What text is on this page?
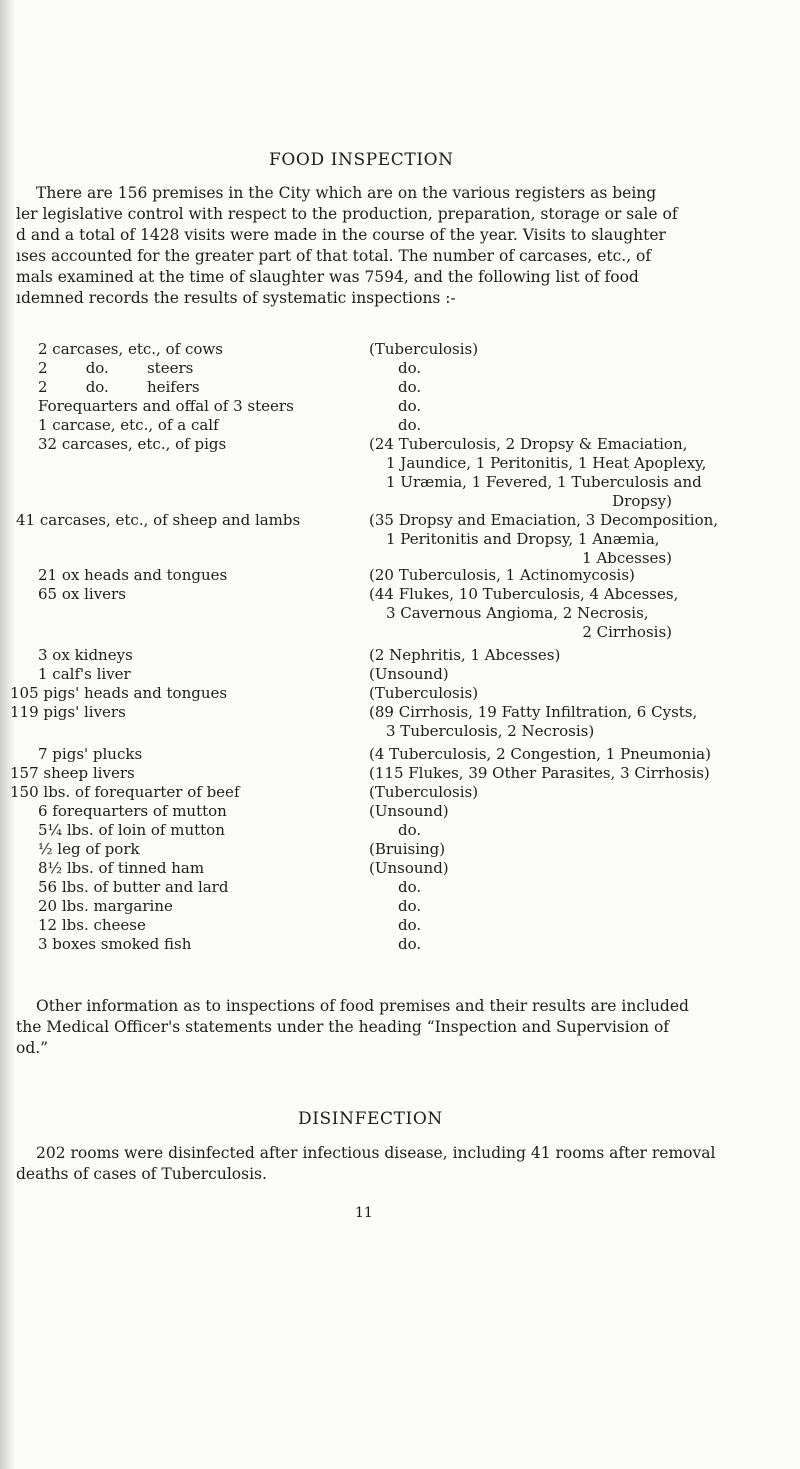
FOOD INSPECTION
There are 156 premises in the City which are on the various registers as being
ler legislative control with respect to the production, preparation, storage or sale of
d and a total of 1428 visits were made in the course of the year. Visits to slaughter
ıses accounted for the greater part of that total. The number of carcases, etc., of
mals examined at the time of slaughter was 7594, and the following list of food
ıdemned records the results of systematic inspections :-
2 carcases, etc., of cows	(Tuberculosis)
2        do.        steers	do.
2        do.        heifers	do.
Forequarters and offal of 3 steers	do.
1 carcase, etc., of a calf	do.
32 carcases, etc., of pigs	(24 Tuberculosis, 2 Dropsy & Emaciation,
1 Jaundice, 1 Peritonitis, 1 Heat Apoplexy,
1 Uræmia, 1 Fevered, 1 Tuberculosis and
Dropsy)
41 carcases, etc., of sheep and lambs	(35 Dropsy and Emaciation, 3 Decomposition,
1 Peritonitis and Dropsy, 1 Anæmia,
1 Abcesses)
21 ox heads and tongues	(20 Tuberculosis, 1 Actinomycosis)
65 ox livers	(44 Flukes, 10 Tuberculosis, 4 Abcesses,
3 Cavernous Angioma, 2 Necrosis,
2 Cirrhosis)
3 ox kidneys	(2 Nephritis, 1 Abcesses)
1 calf's liver	(Unsound)
105 pigs' heads and tongues	(Tuberculosis)
119 pigs' livers	(89 Cirrhosis, 19 Fatty Infiltration, 6 Cysts,
3 Tuberculosis, 2 Necrosis)
7 pigs' plucks	(4 Tuberculosis, 2 Congestion, 1 Pneumonia)
157 sheep livers	(115 Flukes, 39 Other Parasites, 3 Cirrhosis)
150 lbs. of forequarter of beef	(Tuberculosis)
6 forequarters of mutton	(Unsound)
5¼ lbs. of loin of mutton	do.
½ leg of pork	(Bruising)
8½ lbs. of tinned ham	(Unsound)
56 lbs. of butter and lard	do.
20 lbs. margarine	do.
12 lbs. cheese	do.
3 boxes smoked fish	do.
Other information as to inspections of food premises and their results are included
the Medical Officer's statements under the heading “Inspection and Supervision of
od.”
DISINFECTION
202 rooms were disinfected after infectious disease, including 41 rooms after removal
deaths of cases of Tuberculosis.
11
